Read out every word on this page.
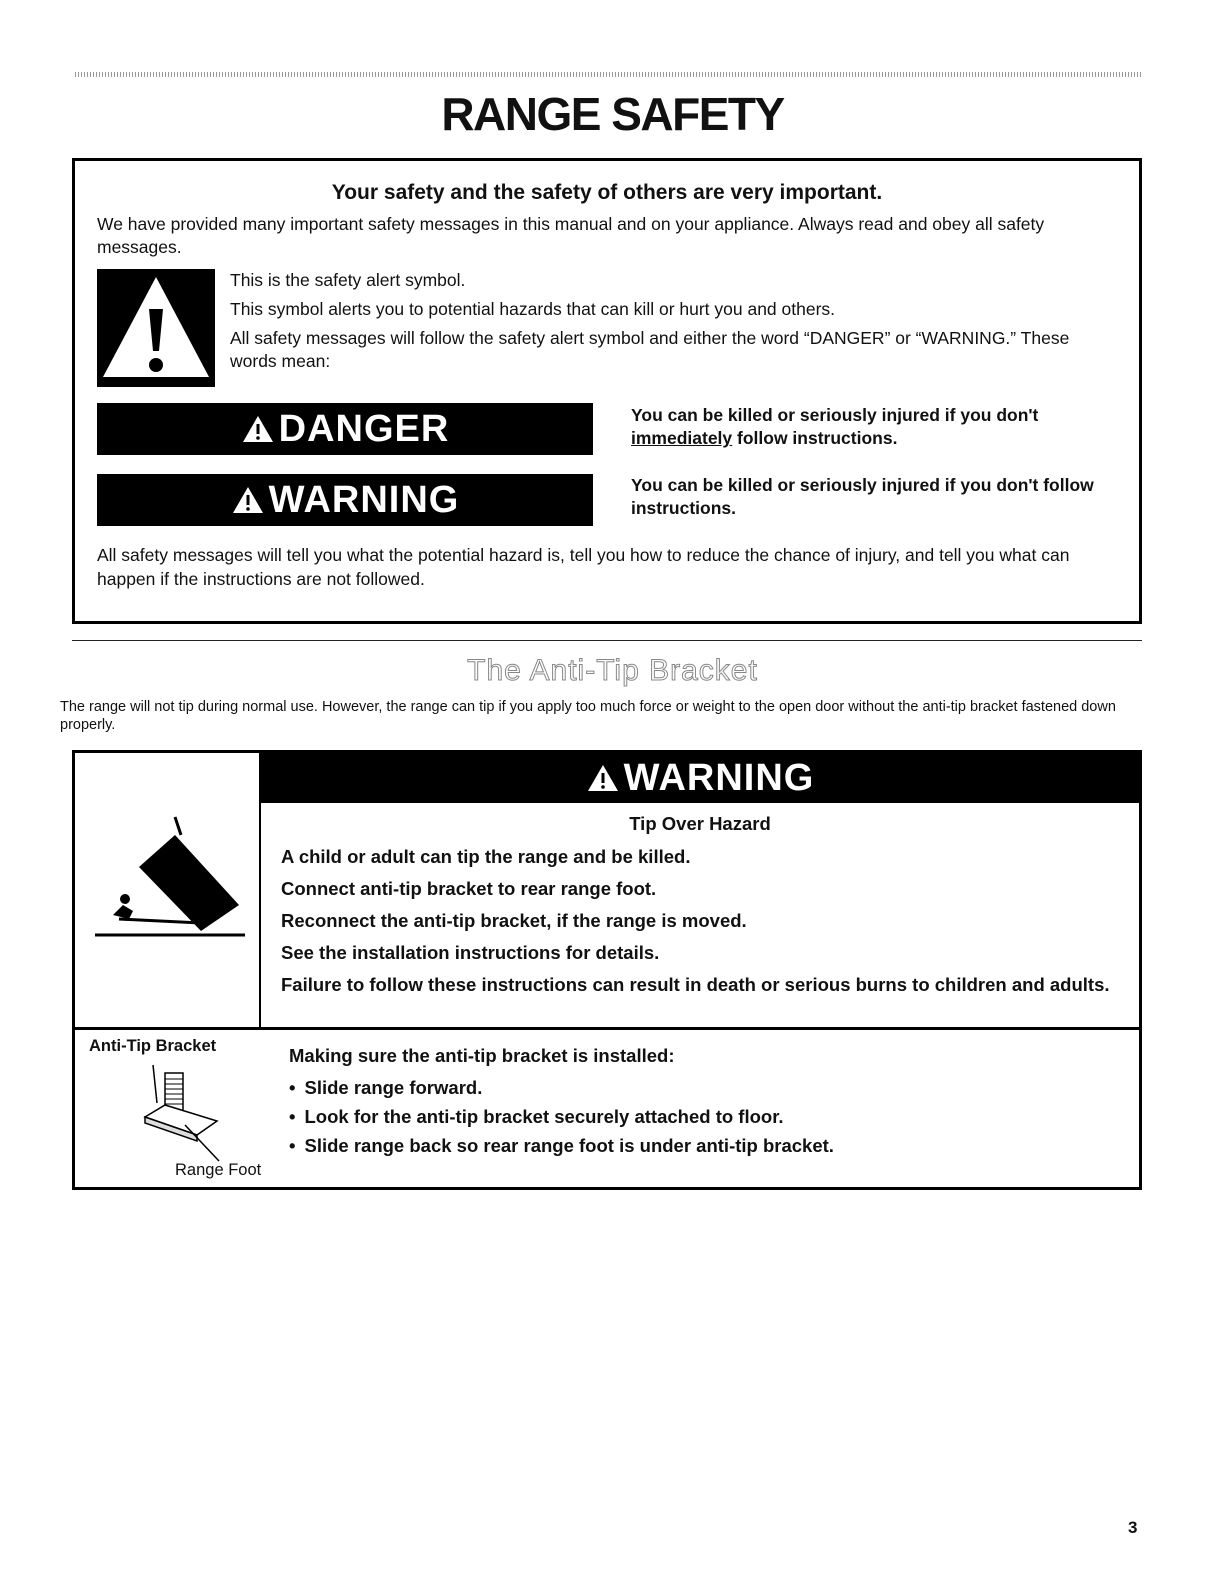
RANGE SAFETY
Your safety and the safety of others are very important.
We have provided many important safety messages in this manual and on your appliance. Always read and obey all safety messages.

This is the safety alert symbol.

This symbol alerts you to potential hazards that can kill or hurt you and others.

All safety messages will follow the safety alert symbol and either the word “DANGER” or “WARNING.” These words mean:

DANGER
WARNING
You can be killed or seriously injured if you don't immediately follow instructions.
You can be killed or seriously injured if you don't follow instructions.
All safety messages will tell you what the potential hazard is, tell you how to reduce the chance of injury, and tell you what can happen if the instructions are not followed.
The Anti-Tip Bracket
The range will not tip during normal use. However, the range can tip if you apply too much force or weight to the open door without the anti-tip bracket fastened down properly.
WARNING
Tip Over Hazard

A child or adult can tip the range and be killed.

Connect anti-tip bracket to rear range foot.

Reconnect the anti-tip bracket, if the range is moved.

See the installation instructions for details.

Failure to follow these instructions can result in death or serious burns to children and adults.

Anti-Tip Bracket
Range Foot
Making sure the anti-tip bracket is installed:
• Slide range forward.
• Look for the anti-tip bracket securely attached to floor.
• Slide range back so rear range foot is under anti-tip bracket.
3
